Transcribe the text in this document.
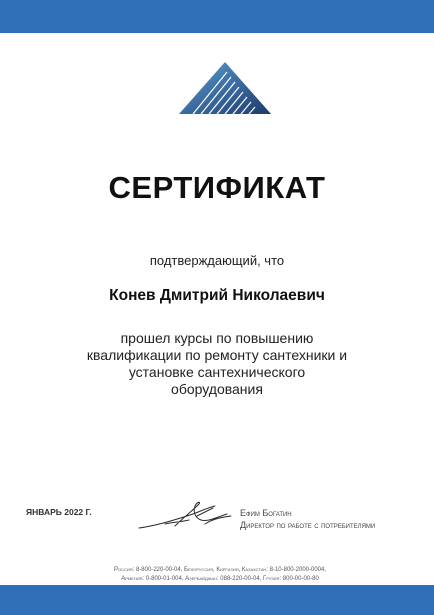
СЕРТИФИКАТ
подтверждающий, что
Конев Дмитрий Николаевич
прошел курсы по повышению
квалификации по ремонту сантехники и
установке сантехнического
оборудования
ЯНВАРЬ 2022 Г.	Ефим Богатин
Директор по работе с потребителями
Россия: 8-800-220-00-04, Белоруссия, Киргизия, Казахстан: 8-10-800-2000-0004,
Армения: 0-800-01-004, Азербайджан: 088-220-00-04, Грузия: 800-00-00-80
